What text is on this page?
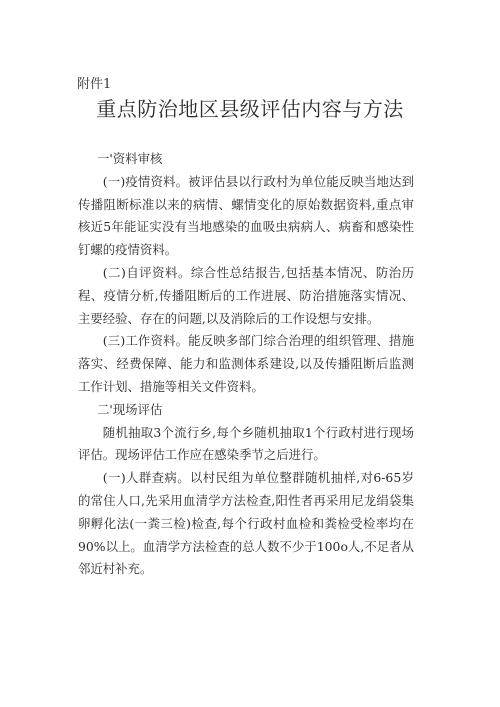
附件1
重点防治地区县级评估内容与方法

一'资料审核

(一)疫情资料。被评估县以行政村为单位能反映当地达到传播阻断标准以来的病情、螺情变化的原始数据资料,重点审核近5年能证实没有当地感染的血吸虫病病人、病畜和感染性钉螺的疫情资料。

(二)自评资料。综合性总结报告,包括基本情况、防治历程、疫情分析,传播阻断后的工作进展、防治措施落实情况、主要经验、存在的问题,以及消除后的工作设想与安排。

(三)工作资料。能反映多部门综合治理的组织管理、措施落实、经费保障、能力和监测体系建设,以及传播阻断后监测工作计划、措施等相关文件资料。

二'现场评估

随机抽取3个流行乡,每个乡随机抽取1个行政村进行现场评估。现场评估工作应在感染季节之后进行。

(一)人群查病。以村民组为单位整群随机抽样,对6-65岁的常住人口,先采用血清学方法检查,阳性者再采用尼龙绢袋集卵孵化法(一粪三检)检查,每个行政村血检和粪检受检率均在90%以上。血清学方法检查的总人数不少于100o人,不足者从邻近村补充。
